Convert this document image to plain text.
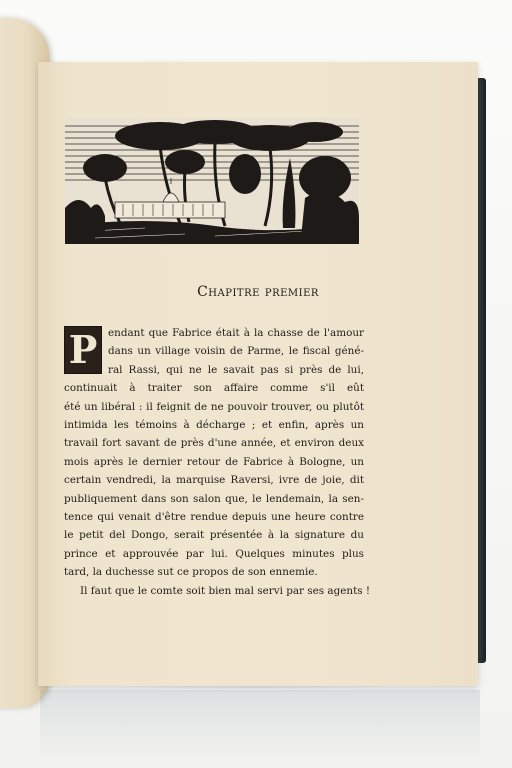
Chapitre premier
P	endant que Fabrice était à la chasse de l'amour
dans un village voisin de Parme, le fiscal géné-
ral Rassi, qui ne le savait pas si près de lui,
continuait à traiter son affaire comme s'il eût
été un libéral : il feignit de ne pouvoir trouver, ou plutôt
intimida les témoins à décharge ; et enfin, après un
travail fort savant de près d'une année, et environ deux
mois après le dernier retour de Fabrice à Bologne, un
certain vendredi, la marquise Raversi, ivre de joie, dit
publiquement dans son salon que, le lendemain, la sen-
tence qui venait d'être rendue depuis une heure contre
le petit del Dongo, serait présentée à la signature du
prince et approuvée par lui. Quelques minutes plus
tard, la duchesse sut ce propos de son ennemie.
Il faut que le comte soit bien mal servi par ses agents !
